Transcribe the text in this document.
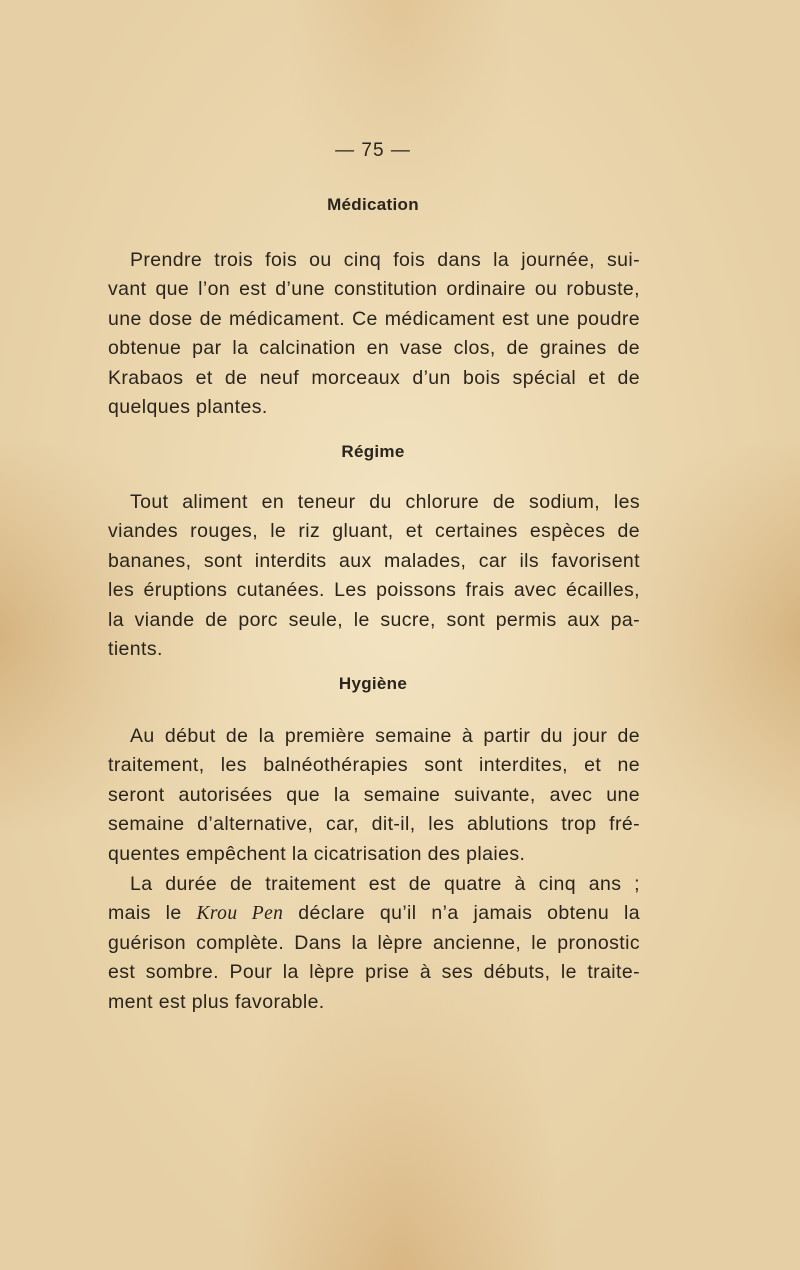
— 75 —
Médication
Prendre trois fois ou cinq fois dans la journée, sui-
vant que l’on est d’une constitution ordinaire ou robuste,
une dose de médicament. Ce médicament est une poudre
obtenue par la calcination en vase clos, de graines de
Krabaos et de neuf morceaux d’un bois spécial et de
quelques plantes.
Régime
Tout aliment en teneur du chlorure de sodium, les
viandes rouges, le riz gluant, et certaines espèces de
bananes, sont interdits aux malades, car ils favorisent
les éruptions cutanées. Les poissons frais avec écailles,
la viande de porc seule, le sucre, sont permis aux pa-
tients.
Hygiène
Au début de la première semaine à partir du jour de
traitement, les balnéothérapies sont interdites, et ne
seront autorisées que la semaine suivante, avec une
semaine d’alternative, car, dit-il, les ablutions trop fré-
quentes empêchent la cicatrisation des plaies.
La durée de traitement est de quatre à cinq ans ;
mais le Krou Pen déclare qu’il n’a jamais obtenu la
guérison complète. Dans la lèpre ancienne, le pronostic
est sombre. Pour la lèpre prise à ses débuts, le traite-
ment est plus favorable.
